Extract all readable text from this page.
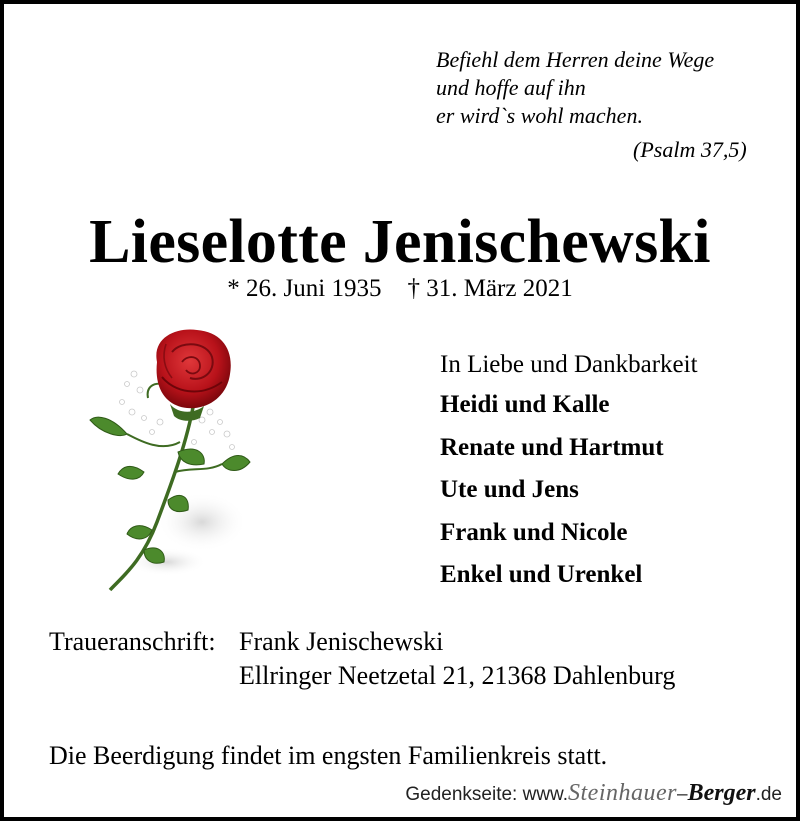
Befiehl dem Herren deine Wege
und hoffe auf ihn
er wird`s wohl machen.
(Psalm 37,5)
Lieselotte Jenischewski
* 26. Juni 1935 † 31. März 2021
In Liebe und Dankbarkeit
Heidi und Kalle
Renate und Hartmut
Ute und Jens
Frank und Nicole
Enkel und Urenkel
Traueranschrift: Frank Jenischewski
Ellringer Neetzetal 21, 21368 Dahlenburg
Die Beerdigung findet im engsten Familienkreis statt.
Gedenkseite: www.Steinhauer–Berger.de
